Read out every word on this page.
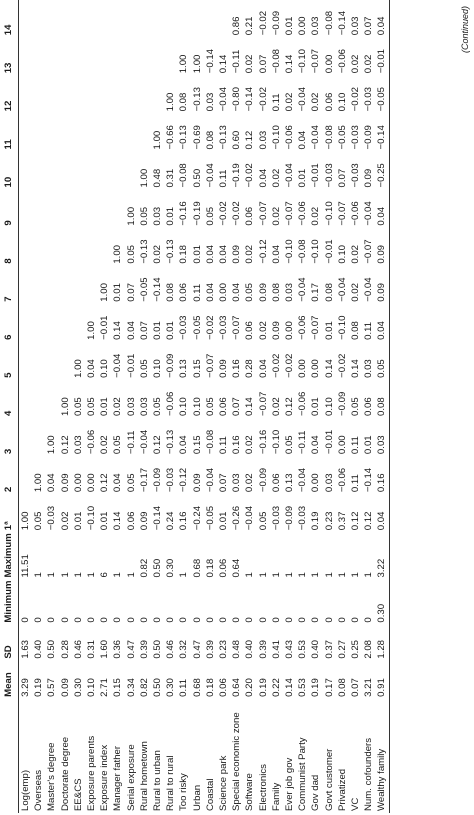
	Mean	SD	Minimum	Maximum	1ª	2	3	4	5	6	7	8	9	10	11	12	13	14
Log(emp)	3.29	1.63	0	11.51	1.00													
Overseas	0.19	0.40	0	1	0.05	1.00												
Master's degree	0.57	0.50	0	1	−0.03	0.04	1.00											
Doctorate degree	0.09	0.28	0	1	0.02	0.09	0.12	1.00										
EE&CS	0.30	0.46	0	1	0.01	0.00	0.03	0.05	1.00									
Exposure parents	0.10	0.31	0	1	−0.10	0.00	−0.06	0.05	0.04	1.00								
Exposure index	2.71	1.60	0	6	0.01	0.12	0.02	0.01	0.10	−0.01	1.00							
Manager father	0.15	0.36	0	1	0.14	0.04	0.05	0.02	−0.04	0.14	0.01	1.00						
Serial exposure	0.34	0.47	0	1	0.06	0.05	−0.11	0.03	−0.01	0.04	0.07	0.05	1.00					
Rural hometown	0.82	0.39	0	0.82	0.09	−0.17	−0.04	0.03	0.05	0.07	−0.05	−0.13	0.05	1.00				
Rural to urban	0.50	0.50	0	0.50	−0.14	−0.09	0.12	0.05	0.10	0.01	−0.14	0.02	0.03	0.48	1.00			
Rural to rural	0.30	0.46	0	0.30	0.24	−0.03	−0.13	−0.06	−0.09	0.01	0.08	−0.13	0.01	0.31	−0.66	1.00		
Too risky	0.11	0.32	0	1	0.16	−0.12	0.04	0.10	0.13	−0.03	0.06	0.18	−0.16	−0.08	−0.13	0.08	1.00	
Urban	0.68	0.47	0	0.68	−0.24	0.09	0.15	0.10	0.15	−0.05	0.11	0.01	−0.19	0.50	−0.69	−0.13	1.00	
Coastal	0.18	0.39	0	0.18	−0.05	−0.04	−0.08	0.05	−0.07	−0.02	0.04	0.04	0.05	−0.04	0.08	0.03	−0.14	
Science park	0.06	0.23	0	0.06	0.01	0.07	0.11	0.06	0.09	−0.03	0.00	0.04	−0.02	0.11	−0.13	−0.04	0.14	
Special economic zone	0.64	0.48	0	0.64	−0.26	0.03	0.16	0.07	0.16	−0.07	0.04	0.09	−0.02	−0.19	0.60	−0.80	−0.11	0.86
Software	0.20	0.40	0	1	−0.04	0.02	0.02	0.14	0.28	0.06	0.05	0.02	0.06	−0.02	0.12	−0.14	0.02	0.21
Electronics	0.19	0.39	0	1	0.05	−0.09	−0.16	−0.07	0.04	0.02	0.09	−0.12	−0.07	0.04	0.03	−0.02	0.07	−0.02
Family	0.22	0.41	0	1	−0.03	0.06	−0.10	0.02	−0.02	0.09	0.08	0.04	0.02	0.02	−0.10	0.11	−0.08	−0.09
Ever job gov	0.14	0.43	0	1	−0.09	0.13	0.05	0.12	−0.02	0.00	0.03	−0.10	−0.07	−0.04	−0.06	0.02	0.14	0.01
Communist Party	0.53	0.53	0	1	−0.03	−0.04	−0.11	−0.06	0.00	−0.06	−0.04	−0.08	−0.06	0.01	0.04	−0.04	−0.10	0.00
Gov dad	0.19	0.40	0	1	0.19	0.00	0.04	0.01	0.00	−0.07	0.17	−0.10	0.02	−0.01	−0.04	0.02	−0.07	0.03
Govt customer	0.17	0.37	0	1	0.23	0.03	−0.01	0.10	0.14	0.01	0.08	−0.01	−0.10	−0.03	−0.08	0.06	0.00	−0.08
Privatized	0.08	0.27	0	1	0.37	−0.06	0.00	−0.09	−0.02	−0.10	−0.04	0.10	−0.07	0.07	−0.05	0.10	−0.06	−0.14
VC	0.07	0.25	0	1	0.12	0.11	0.11	0.05	0.14	0.08	0.02	0.02	−0.06	−0.03	−0.03	−0.02	0.02	0.03
Num. cofounders	3.21	2.08	0	1	0.12	−0.14	0.01	0.06	0.03	0.11	−0.04	−0.07	−0.04	0.09	−0.09	−0.03	0.02	0.07
Wealthy family	0.91	1.28	0.30	3.22	0.04	0.16	0.03	0.08	0.05	0.04	0.09	0.09	0.04	−0.25	−0.14	−0.05	−0.01	0.04	(Continued)
